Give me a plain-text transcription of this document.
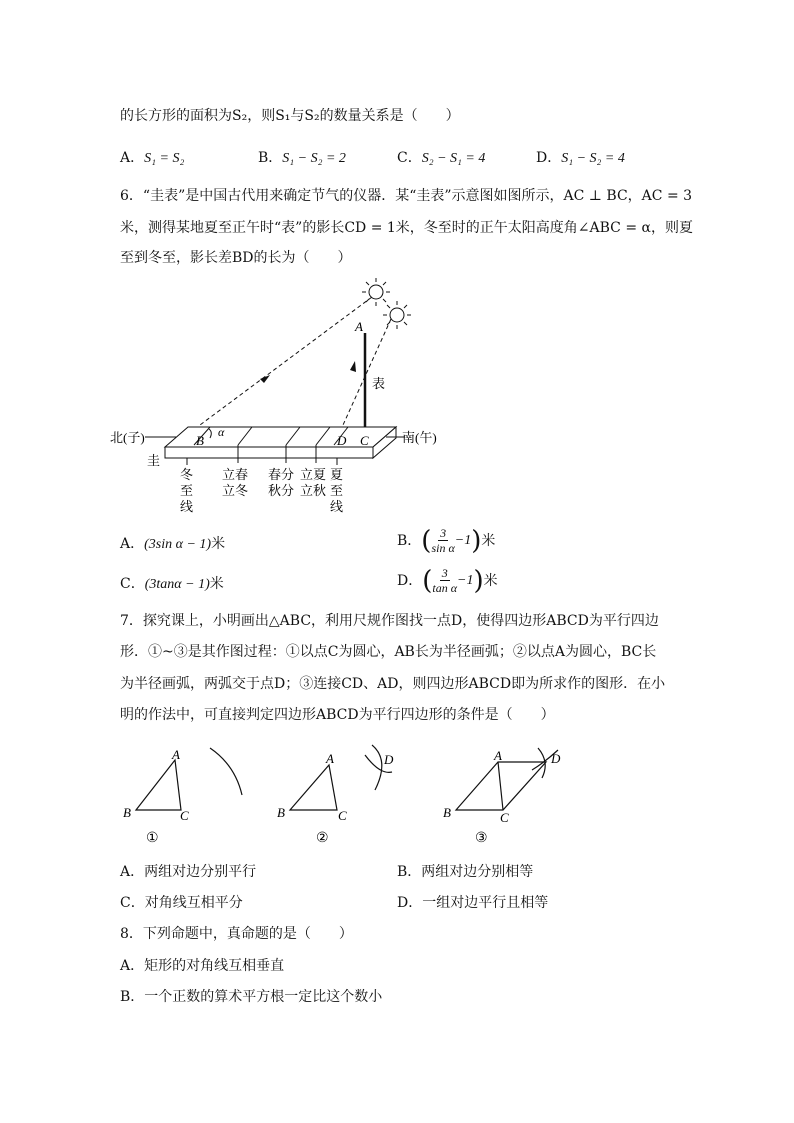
的长方形的面积为S₂，则S₁与S₂的数量关系是（　　）
A．S₁ = S₂	B．S₁ − S₂ = 2	C．S₂ − S₁ = 4	D．S₁ − S₂ = 4
6．“圭表”是中国古代用来确定节气的仪器．某“圭表”示意图如图所示，AC ⊥ BC，AC = 3
米，测得某地夏至正午时“表”的影长CD = 1米，冬至时的正午太阳高度角∠ABC = α，则夏
至到冬至，影长差BD的长为（　　）
A
B
α
D C
表
北(子)	南(午)
圭
冬
至
线
立春
立冬
春分
秋分
立夏
立秋
夏
至
线
A．(3sin α − 1)米	B． ( $\frac{3}{\text{sin α}} -1$ ) 米
C．(3tanα − 1)米	D． ( $\frac{3}{\text{tan α}} -1$ ) 米
7．探究课上，小明画出△ABC，利用尺规作图找一点D，使得四边形ABCD为平行四边
形．①~③是其作图过程：①以点C为圆心，AB长为半径画弧；②以点A为圆心，BC长
为半径画弧，两弧交于点D；③连接CD、AD，则四边形ABCD即为所求作的图形．在小
明的作法中，可直接判定四边形ABCD为平行四边形的条件是（　　）
B
A
C
①
B
A
C
D
②
B
A
C
D
③
A．两组对边分别平行	B．两组对边分别相等
C．对角线互相平分	D．一组对边平行且相等
8．下列命题中，真命题的是（　　）
A．矩形的对角线互相垂直
B．一个正数的算术平方根一定比这个数小
